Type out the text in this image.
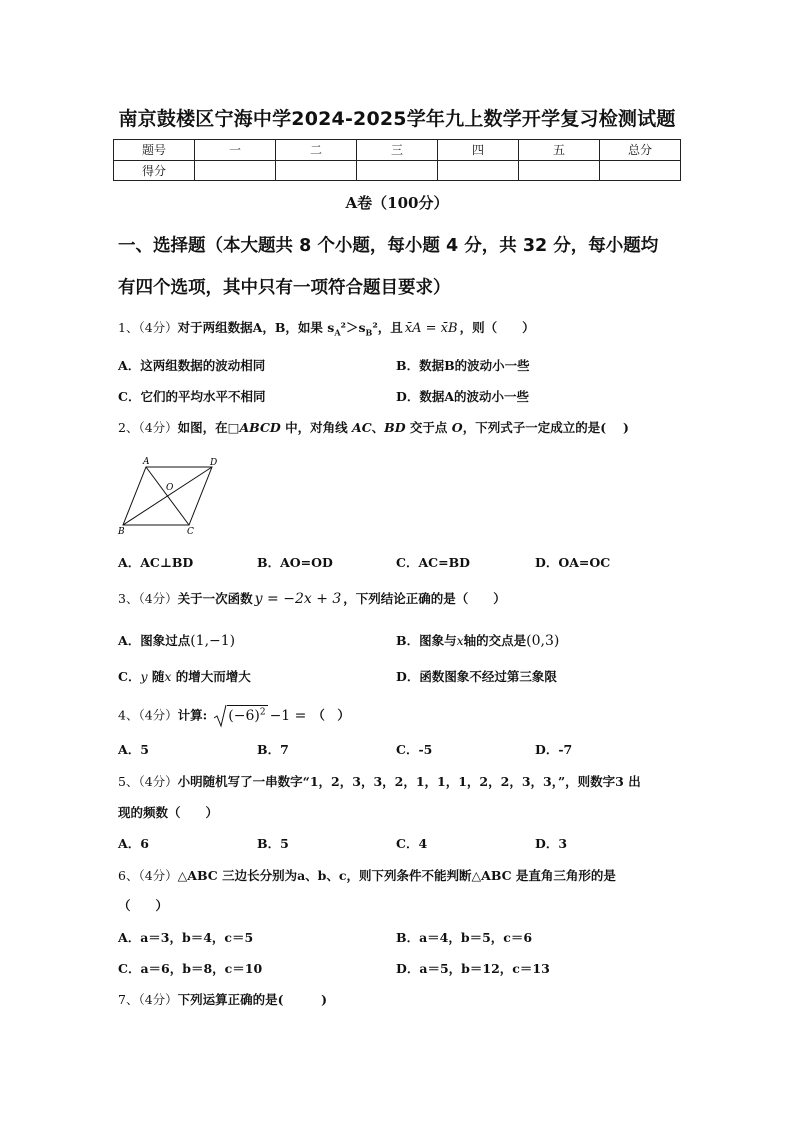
南京鼓楼区宁海中学2024-2025学年九上数学开学复习检测试题
题号	一	二	三	四	五	总分
得分						
A卷（100分）
一、选择题（本大题共 8 个小题，每小题 4 分，共 32 分，每小题均
有四个选项，其中只有一项符合题目要求）
1、（4分）对于两组数据A，B，如果 $s_A^2>s_B^2$，且 x̄A = x̄B ，则（　　）
A．这两组数据的波动相同	B．数据B的波动小一些
C．它们的平均水平不相同	D．数据A的波动小一些
2、（4分）如图，在□ABCD 中，对角线 AC、BD 交于点 O，下列式子一定成立的是(　 )
A	D
O
B	C
A．AC⊥BD	B．AO=OD	C．AC=BD	D．OA=OC
3、（4分）关于一次函数 y = −2x + 3 ，下列结论正确的是（　　）
A．图象过点(1,−1)	B．图象与x轴的交点是(0,3)
C．y 随x 的增大而增大	D．函数图象不经过第三象限
4、（4分）计算: $(-6)^2 -1$ = （　）
A．5	B．7	C．-5	D．-7
5、（4分）小明随机写了一串数字“1，2，3，3，2，1，1，1，2，2，3，3，”，则数字3 出
现的频数（　　）
A．6	B．5	C．4	D．3
6、（4分）△ABC 三边长分别为a、b、c，则下列条件不能判断△ABC 是直角三角形的是
（　　）
A．a＝3，b＝4，c＝5	B．a＝4，b＝5，c＝6
C．a＝6，b＝8，c＝10	D．a＝5，b＝12，c＝13
7、（4分）下列运算正确的是(　　　)
